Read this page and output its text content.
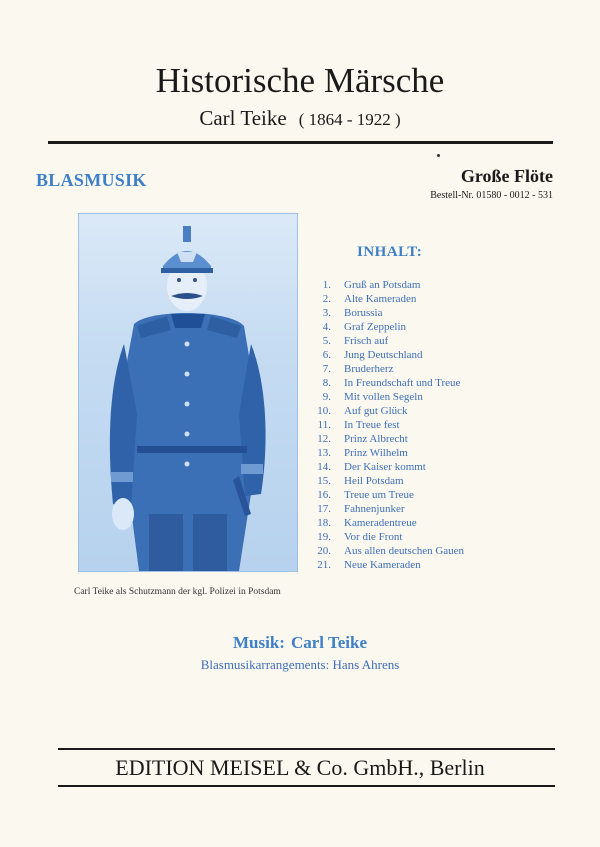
Historische Märsche
Carl Teike ( 1864 - 1922 )
BLASMUSIK	Große Flöte
Bestell-Nr. 01580 - 0012 - 531
Carl Teike als Schutzmann der kgl. Polizei in Potsdam
INHALT:
1.	Gruß an Potsdam
2.	Alte Kameraden
3.	Borussia
4.	Graf Zeppelin
5.	Frisch auf
6.	Jung Deutschland
7.	Bruderherz
8.	In Freundschaft und Treue
9.	Mit vollen Segeln
10.	Auf gut Glück
11.	In Treue fest
12.	Prinz Albrecht
13.	Prinz Wilhelm
14.	Der Kaiser kommt
15.	Heil Potsdam
16.	Treue um Treue
17.	Fahnenjunker
18.	Kameradentreue
19.	Vor die Front
20.	Aus allen deutschen Gauen
21.	Neue Kameraden
Musik: Carl Teike
Blasmusikarrangements: Hans Ahrens
EDITION MEISEL & Co. GmbH., Berlin
